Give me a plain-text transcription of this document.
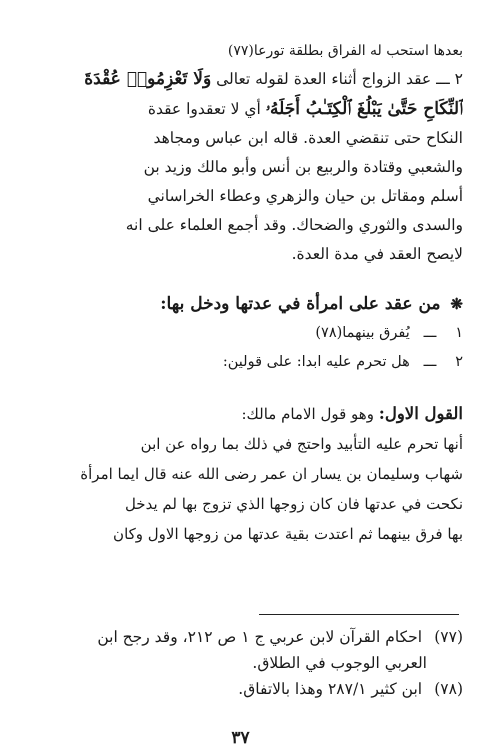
بعدها استحب له الفراق بطلقة تورعا(٧٧)
٢ ـــ عقد الزواج أثناء العدة لقوله تعالى وَلَا تَعْزِمُوا۟ عُقْدَةَ
ٱلنِّكَاحِ حَتَّىٰ يَبْلُغَ ٱلْكِتَـٰبُ أَجَلَهُۥ أي لا تعقدوا عقدة
النكاح حتى تنقضي العدة. قاله ابن عباس ومجاهد
والشعبي وقتادة والربيع بن أنس وأبو مالك وزيد بن
أسلم ومقاتل بن حيان والزهري وعطاء الخراساني
والسدى والثوري والضحاك. وقد أجمع العلماء على انه
لايصح العقد في مدة العدة.
❋ من عقد على امرأة في عدتها ودخل بها:
١ ـــ يُفرق بينهما(٧٨)
٢ ـــ هل تحرم عليه ابدا: على قولين:
القول الاول: وهو قول الامام مالك:
أنها تحرم عليه التأبيد واحتج في ذلك بما رواه عن ابن
شهاب وسليمان بن يسار ان عمر رضى الله عنه قال ايما امرأة
نكحت في عدتها فان كان زوجها الذي تزوج بها لم يدخل
بها فرق بينهما ثم اعتدت بقية عدتها من زوجها الاول وكان
(٧٧) احكام القرآن لابن عربي ج ١ ص ٢١٢، وقد رجح ابن
العربي الوجوب في الطلاق.
(٧٨) ابن كثير ٢٨٧/١ وهذا بالاتفاق.
٣٧
